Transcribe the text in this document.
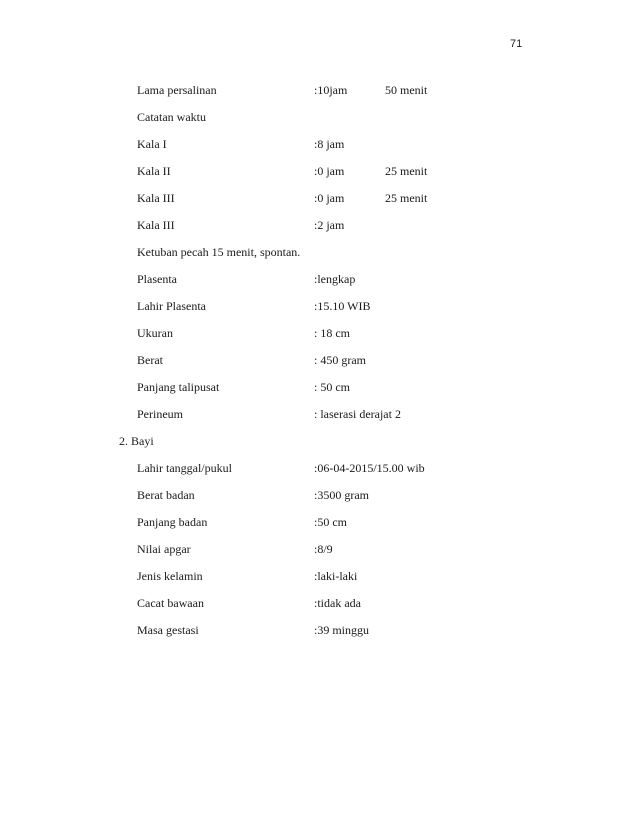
71
Lama persalinan	:10jam	50 menit
Catatan waktu
Kala I	:8 jam
Kala II	:0 jam	25 menit
Kala III	:0 jam	25 menit
Kala III	:2 jam
Ketuban pecah 15 menit, spontan.
Plasenta	:lengkap
Lahir Plasenta	:15.10 WIB
Ukuran	: 18 cm
Berat	: 450 gram
Panjang talipusat	: 50 cm
Perineum	: laserasi derajat 2
2. Bayi
Lahir tanggal/pukul	:06-04-2015/15.00 wib
Berat badan	:3500 gram
Panjang badan	:50 cm
Nilai apgar	:8/9
Jenis kelamin	:laki-laki
Cacat bawaan	:tidak ada
Masa gestasi	:39 minggu
